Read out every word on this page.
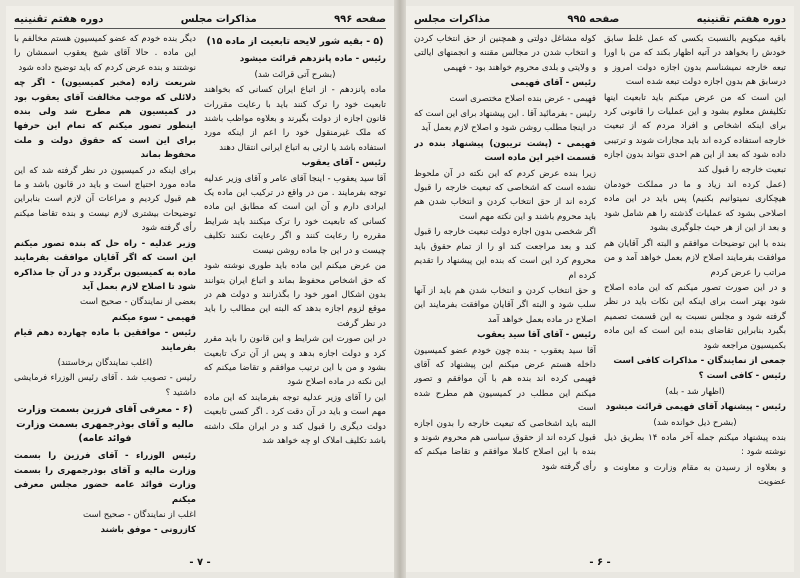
صفحه ۹۹۶
مذاکرات مجلس
دوره هفتم تقنینیه

(۵ - بقیه شور لایحه تابعیت از ماده ۱۵)

رئیس - ماده پانزدهم قرائت میشود

(بشرح آتی قرائت شد)

ماده پانزدهم - از اتباع ایران کسانی که بخواهند تابعیت خود را ترک کنند باید با رعایت مقررات قانون اجازه از دولت بگیرند و بعلاوه مواظب باشند که ملک غیرمنقول خود را اعم از اینکه مورد استفاده باشد یا ارثی به اتباع ایرانی انتقال دهند

رئیس - آقای یعقوب

آقا سید یعقوب - اینجا آقای عامر و آقای وزیر عدلیه توجه بفرمایند . من در واقع در ترکیب این ماده یک ایرادی دارم و آن این است که مطابق این ماده کسانی که تابعیت خود را ترک میکنند باید شرایط مقرره را رعایت کنند و اگر رعایت نکنند تکلیف چیست و در این جا ماده روشن نیست

من عرض میکنم این ماده باید طوری نوشته شود که حق اشخاص محفوظ بماند و اتباع ایران بتوانند بدون اشکال امور خود را بگذرانند و دولت هم در موقع لزوم اجازه بدهد که البته این مطالب را باید در نظر گرفت

در این صورت این شرایط و این قانون را باید مقرر کرد و دولت اجازه بدهد و پس از آن ترک تابعیت بشود و من با این ترتیب موافقم و تقاضا میکنم که این نکته در ماده اصلاح شود

این را آقای وزیر عدلیه توجه بفرمایند که این ماده مهم است و باید در آن دقت کرد . اگر کسی تابعیت دولت دیگری را قبول کند و در ایران ملک داشته باشد تکلیف املاک او چه خواهد شد

دیگر بنده خودم که عضو کمیسیون هستم مخالفم با این ماده . حالا آقای شیخ یعقوب اسمشان را نوشتند و بنده عرض کردم که باید توضیح داده شود

شریعت زاده (مخبر کمیسیون) - اگر چه دلائلی که موجب مخالفت آقای یعقوب بود در کمیسیون هم مطرح شد ولی بنده اینطور تصور میکنم که تمام این حرفها برای این است که حقوق دولت و ملت محفوظ بماند

برای اینکه در کمیسیون در نظر گرفته شد که این ماده مورد احتیاج است و باید در قانون باشد و ما هم قبول کردیم و مراعات آن لازم است بنابراین توضیحات بیشتری لازم نیست و بنده تقاضا میکنم رأی گرفته شود

وزیر عدلیه - راه حل که بنده تصور میکنم این است که اگر آقایان موافقت بفرمایند ماده به کمیسیون برگردد و در آن جا مذاکره شود تا اصلاح لازم بعمل آید

بعضی از نمایندگان - صحیح است

فهیمی - سوء میکنم

رئیس - موافقین با ماده چهارده دهم قیام بفرمایند

(اغلب نمایندگان برخاستند)

رئیس - تصویب شد . آقای رئیس الوزراء فرمایشی داشتید ؟

(۶ - معرفی آقای فرزین بسمت وزارت مالیه و آقای بوذرجمهری بسمت وزارت فوائد عامه)

رئیس الوزراء - آقای فرزین را بسمت وزارت مالیه و آقای بوذرجمهری را بسمت وزارت فوائد عامه حضور مجلس معرفی میکنم

اغلب از نمایندگان - صحیح است

کازرونی - موفق باشند

- ۷ -
دوره هفتم تقنینیه
صفحه ۹۹۵
مذاکرات مجلس

باقیه میکویم بالنسبت بکسی که عمل غلط سابق خودش را بخواهد در آتیه اظهار بکند که من با اورا تبعه خارجه نمیشناسم بدون اجازه دولت امروز و درسابق هم بدون اجازه دولت تبعه شده است

این است که من عرض میکنم باید تابعیت اینها تکلیفش معلوم بشود و این عملیات را قانونی کرد برای اینکه اشخاص و افراد مردم که از تبعیت خارجه استفاده کرده اند باید مجازات شوند و ترتیبی داده شود که بعد از این هم احدی نتواند بدون اجازه تبعیت خارجه را قبول کند

(عمل کرده اند زیاد و ما در مملکت خودمان هیچکاری نمیتوانیم بکنیم) پس باید در این ماده اصلاحی بشود که عملیات گذشته را هم شامل شود و بعد از این از هر حیث جلوگیری بشود

بنده با این توضیحات موافقم و البته اگر آقایان هم موافقت بفرمایند اصلاح لازم بعمل خواهد آمد و من مراتب را عرض کردم

و در این صورت تصور میکنم که این ماده اصلاح شود بهتر است برای اینکه این نکات باید در نظر گرفته شود و مجلس نسبت به این قسمت تصمیم بگیرد بنابراین تقاضای بنده این است که این ماده بکمیسیون مراجعه شود

جمعی از نمایندگان - مذاکرات کافی است

رئیس - کافی است ؟

(اظهار شد - بله)

رئیس - پیشنهاد آقای فهیمی قرائت میشود

(بشرح ذیل خوانده شد)

بنده پیشنهاد میکنم جمله آخر ماده ۱۴ بطریق ذیل نوشته شود :

و بعلاوه از رسیدن به مقام وزارت و معاونت و عضویت

کوله مشاغل دولتی و همچنین از حق انتخاب کردن و انتخاب شدن در مجالس مقننه و انجمنهای ایالتی و ولایتی و بلدی محروم خواهند بود - فهیمی

رئیس - آقای فهیمی

فهیمی - عرض بنده اصلاح مختصری است

رئیس - بفرمائید آقا . این پیشنهاد برای این است که در اینجا مطلب روشن شود و اصلاح لازم بعمل آید

فهیمی - (پشت تریبون) پیشنهاد بنده در قسمت اخیر این ماده است

زیرا بنده عرض کردم که این نکته در آن ملحوظ نشده است که اشخاصی که تبعیت خارجه را قبول کرده اند از حق انتخاب کردن و انتخاب شدن هم باید محروم باشند و این نکته مهم است

اگر شخصی بدون اجازه دولت تبعیت خارجه را قبول کند و بعد مراجعت کند او را از تمام حقوق باید محروم کرد این است که بنده این پیشنهاد را تقدیم کرده ام

و حق انتخاب کردن و انتخاب شدن هم باید از آنها سلب شود و البته اگر آقایان موافقت بفرمایند این اصلاح در ماده بعمل خواهد آمد

رئیس - آقای آقا سید یعقوب

آقا سید یعقوب - بنده چون خودم عضو کمیسیون داخله هستم عرض میکنم این پیشنهاد که آقای فهیمی کرده اند بنده هم با آن موافقم و تصور میکنم این مطلب در کمیسیون هم مطرح شده است

البته باید اشخاصی که تبعیت خارجه را بدون اجازه قبول کرده اند از حقوق سیاسی هم محروم شوند و بنده با این اصلاح کاملا موافقم و تقاضا میکنم که رأی گرفته شود

- ۶ -
